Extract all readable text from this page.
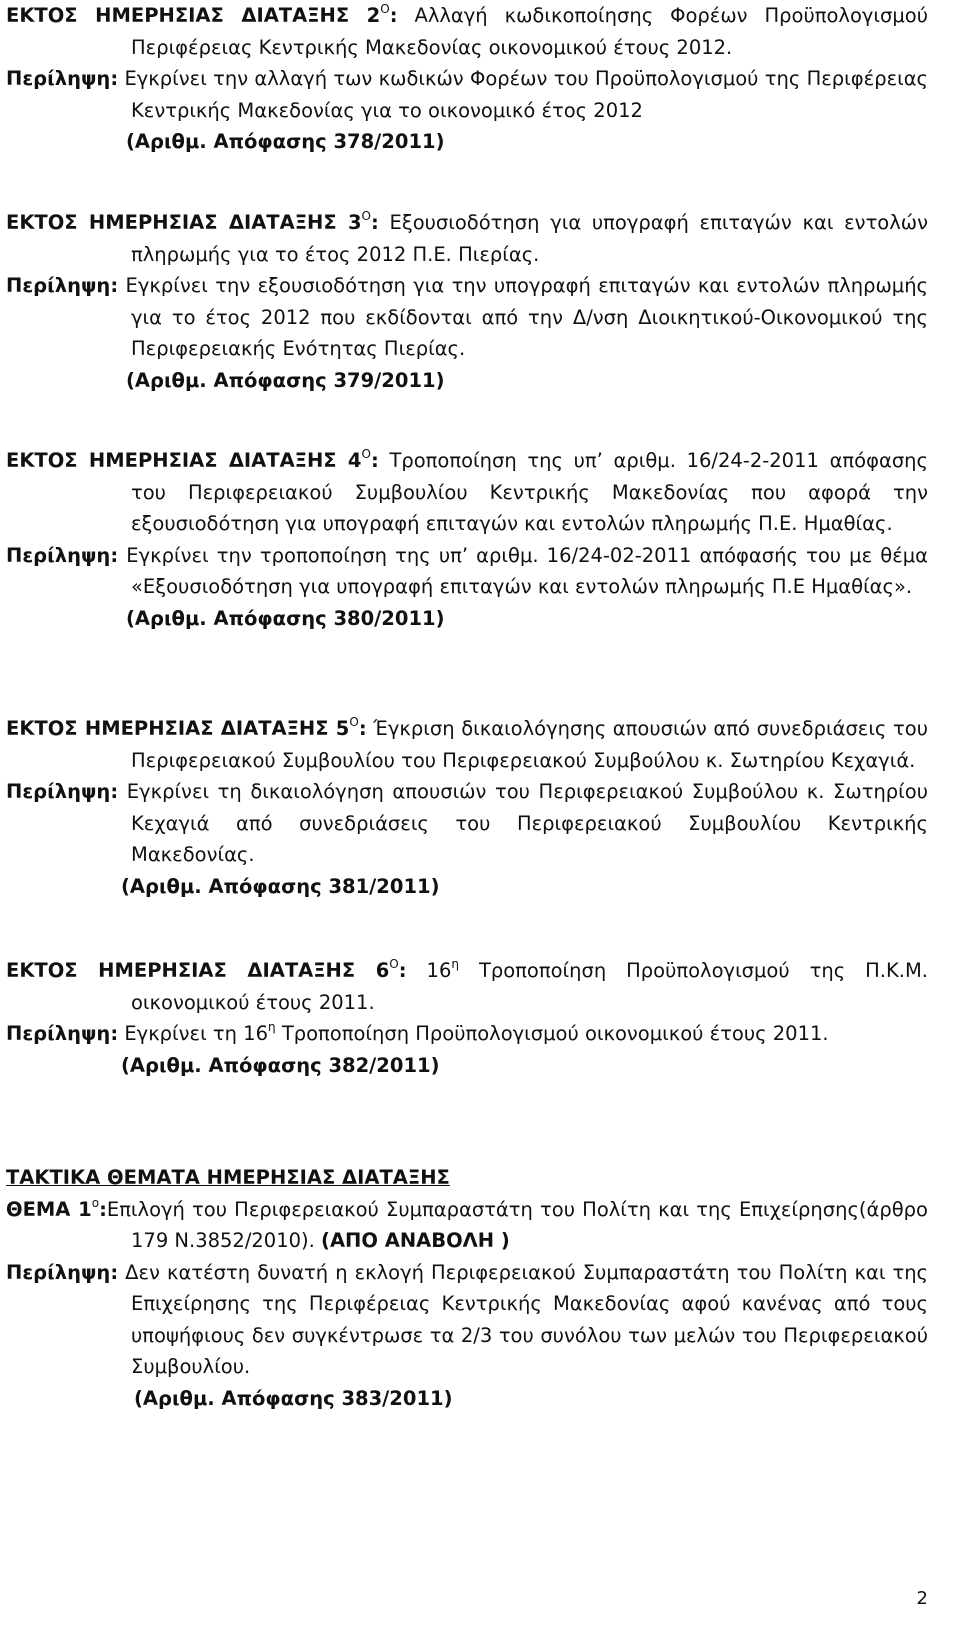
ΕΚΤΟΣ ΗΜΕΡΗΣΙΑΣ ΔΙΑΤΑΞΗΣ $2^O$: Αλλαγή κωδικοποίησης Φορέων Προϋπολογισμού Περιφέρειας Κεντρικής Μακεδονίας οικονομικού έτους 2012.

Περίληψη: Εγκρίνει την αλλαγή των κωδικών Φορέων του Προϋπολογισμού της Περιφέρειας Κεντρικής Μακεδονίας για το οικονομικό έτος 2012

(Αριθμ. Απόφασης 378/2011)

ΕΚΤΟΣ ΗΜΕΡΗΣΙΑΣ ΔΙΑΤΑΞΗΣ $3^O$: Εξουσιοδότηση για υπογραφή επιταγών και εντολών πληρωμής για το έτος 2012 Π.Ε. Πιερίας.

Περίληψη: Εγκρίνει την εξουσιοδότηση για την υπογραφή επιταγών και εντολών πληρωμής για το έτος 2012 που εκδίδονται από την Δ/νση Διοικητικού-Οικονομικού της Περιφερειακής Ενότητας Πιερίας.

(Αριθμ. Απόφασης 379/2011)

ΕΚΤΟΣ ΗΜΕΡΗΣΙΑΣ ΔΙΑΤΑΞΗΣ $4^O$: Τροποποίηση της υπ’ αριθμ. 16/24-2-2011 απόφασης του Περιφερειακού Συμβουλίου Κεντρικής Μακεδονίας που αφορά την εξουσιοδότηση για υπογραφή επιταγών και εντολών πληρωμής Π.Ε. Ημαθίας.

Περίληψη: Εγκρίνει την τροποποίηση της υπ’ αριθμ. 16/24-02-2011 απόφασής του με θέμα «Εξουσιοδότηση για υπογραφή επιταγών και εντολών πληρωμής Π.Ε Ημαθίας».

(Αριθμ. Απόφασης 380/2011)

ΕΚΤΟΣ ΗΜΕΡΗΣΙΑΣ ΔΙΑΤΑΞΗΣ $5^O$: Έγκριση δικαιολόγησης απουσιών από συνεδριάσεις του Περιφερειακού Συμβουλίου του Περιφερειακού Συμβούλου κ. Σωτηρίου Κεχαγιά.

Περίληψη: Εγκρίνει τη δικαιολόγηση απουσιών του Περιφερειακού Συμβούλου κ. Σωτηρίου Κεχαγιά από συνεδριάσεις του Περιφερειακού Συμβουλίου Κεντρικής Μακεδονίας.

(Αριθμ. Απόφασης 381/2011)

ΕΚΤΟΣ ΗΜΕΡΗΣΙΑΣ ΔΙΑΤΑΞΗΣ $6^O$: $16^\eta$ Τροποποίηση Προϋπολογισμού της Π.Κ.Μ. οικονομικού έτους 2011.

Περίληψη: Εγκρίνει τη $16^\eta$ Τροποποίηση Προϋπολογισμού οικονομικού έτους 2011.

(Αριθμ. Απόφασης 382/2011)

ΤΑΚΤΙΚΑ ΘΕΜΑΤΑ ΗΜΕΡΗΣΙΑΣ ΔΙΑΤΑΞΗΣ

ΘΕΜΑ $1^o:E\pi\iota\lambda o\gamma ή$ του Περιφερειακού Συμπαραστάτη του Πολίτη και της Επιχείρησης(άρθρο 179 Ν.3852/2010). (ΑΠΟ ΑΝΑΒΟΛΗ )

Περίληψη: Δεν κατέστη δυνατή η εκλογή Περιφερειακού Συμπαραστάτη του Πολίτη και της Επιχείρησης της Περιφέρειας Κεντρικής Μακεδονίας αφού κανένας από τους υποψήφιους δεν συγκέντρωσε τα 2/3 του συνόλου των μελών του Περιφερειακού Συμβουλίου.

(Αριθμ. Απόφασης 383/2011)
2
